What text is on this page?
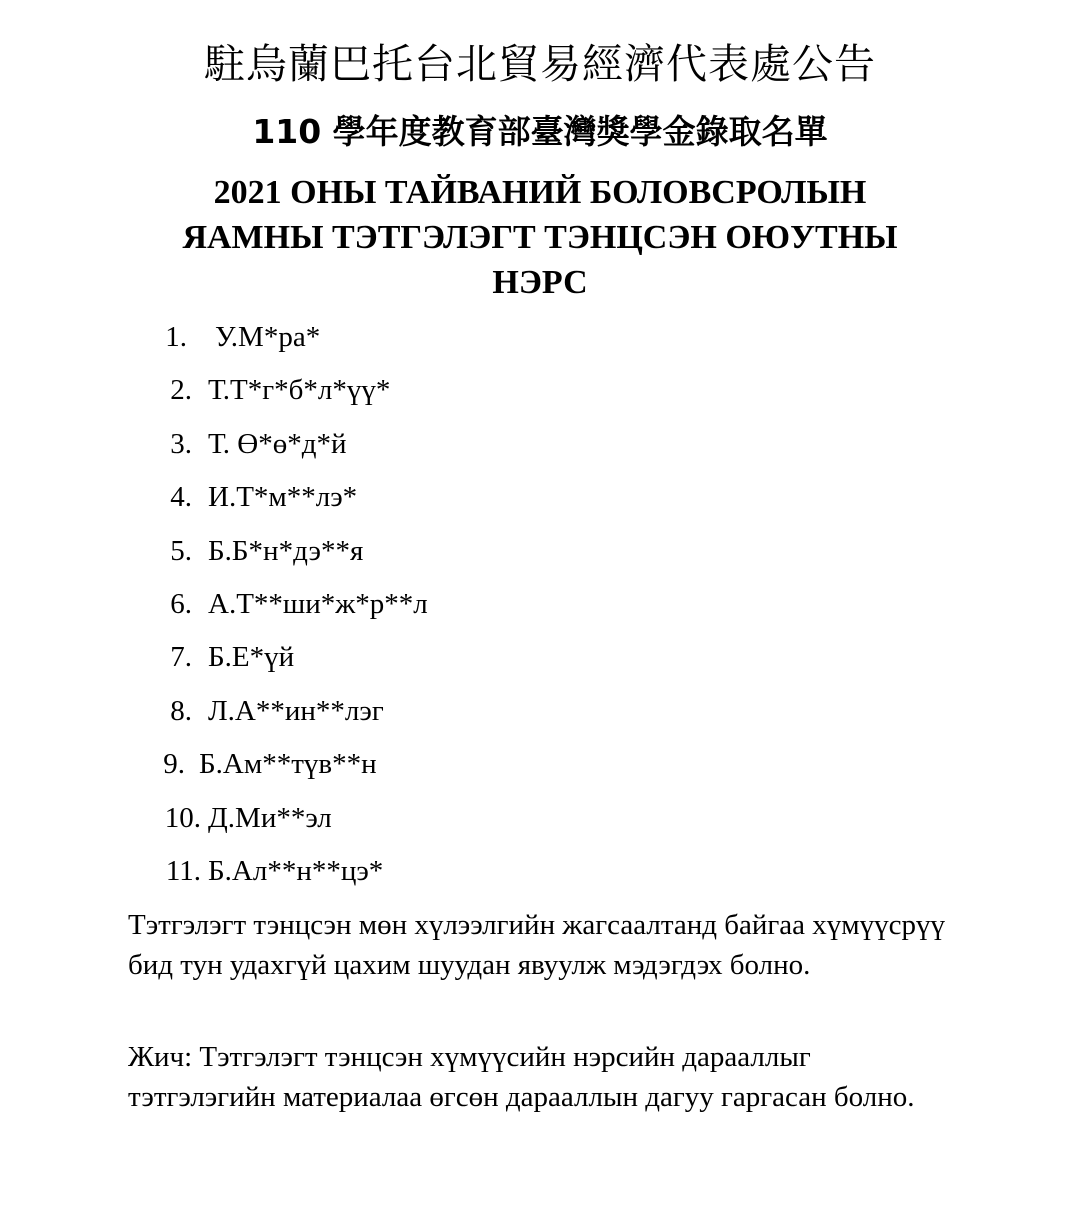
駐烏蘭巴托台北貿易經濟代表處公告
110 學年度教育部臺灣獎學金錄取名單
2021 ОНЫ ТАЙВАНИЙ БОЛОВСРОЛЫН ЯАМНЫ ТЭТГЭЛЭГТ ТЭНЦСЭН ОЮУТНЫ НЭРС
1. У.М*ра*
2. Т.Т*г*б*л*үү*
3. Т. Ө*ө*д*й
4. И.Т*м**лэ*
5. Б.Б*н*дэ**я
6. А.Т**ши*ж*р**л
7. Б.Е*үй
8. Л.А**ин**лэг
9. Б.Ам**түв**н
10. Д.Ми**эл
11. Б.Ал**н**цэ*

Тэтгэлэгт тэнцсэн мөн хүлээлгийн жагсаалтанд байгаа хүмүүсрүү бид тун удахгүй цахим шуудан явуулж мэдэгдэх болно.

Жич: Тэтгэлэгт тэнцсэн хүмүүсийн нэрсийн дарааллыг тэтгэлэгийн материалаа өгсөн дарааллын дагуу гаргасан болно.
